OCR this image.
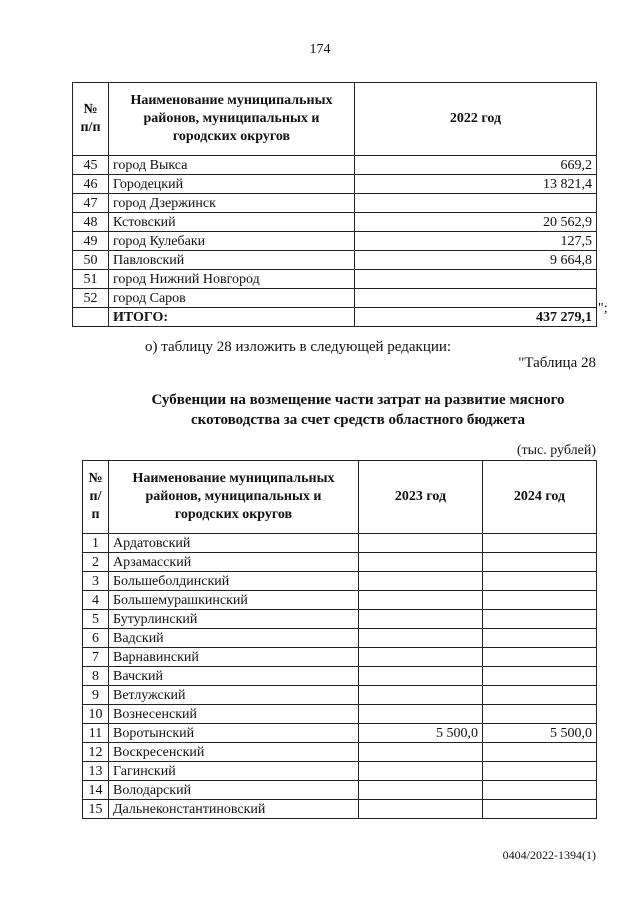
174
№ п/п	Наименование муниципальных районов, муниципальных и городских округов	2022 год
45	город Выкса	669,2
46	Городецкий	13 821,4
47	город Дзержинск	
48	Кстовский	20 562,9
49	город Кулебаки	127,5
50	Павловский	9 664,8
51	город Нижний Новгород	
52	город Саров	
	ИТОГО:	437 279,1
";
о) таблицу 28 изложить в следующей редакции:
"Таблица 28
Субвенции на возмещение части затрат на развитие мясного
скотоводства за счет средств областного бюджета
(тыс. рублей)
№ п/п	Наименование муниципальных районов, муниципальных и городских округов	2023 год	2024 год
1	Ардатовский		
2	Арзамасский		
3	Большеболдинский		
4	Большемурашкинский		
5	Бутурлинский		
6	Вадский		
7	Варнавинский		
8	Вачский		
9	Ветлужский		
10	Вознесенский		
11	Воротынский	5 500,0	5 500,0
12	Воскресенский		
13	Гагинский		
14	Володарский		
15	Дальнеконстантиновский		
0404/2022-1394(1)
